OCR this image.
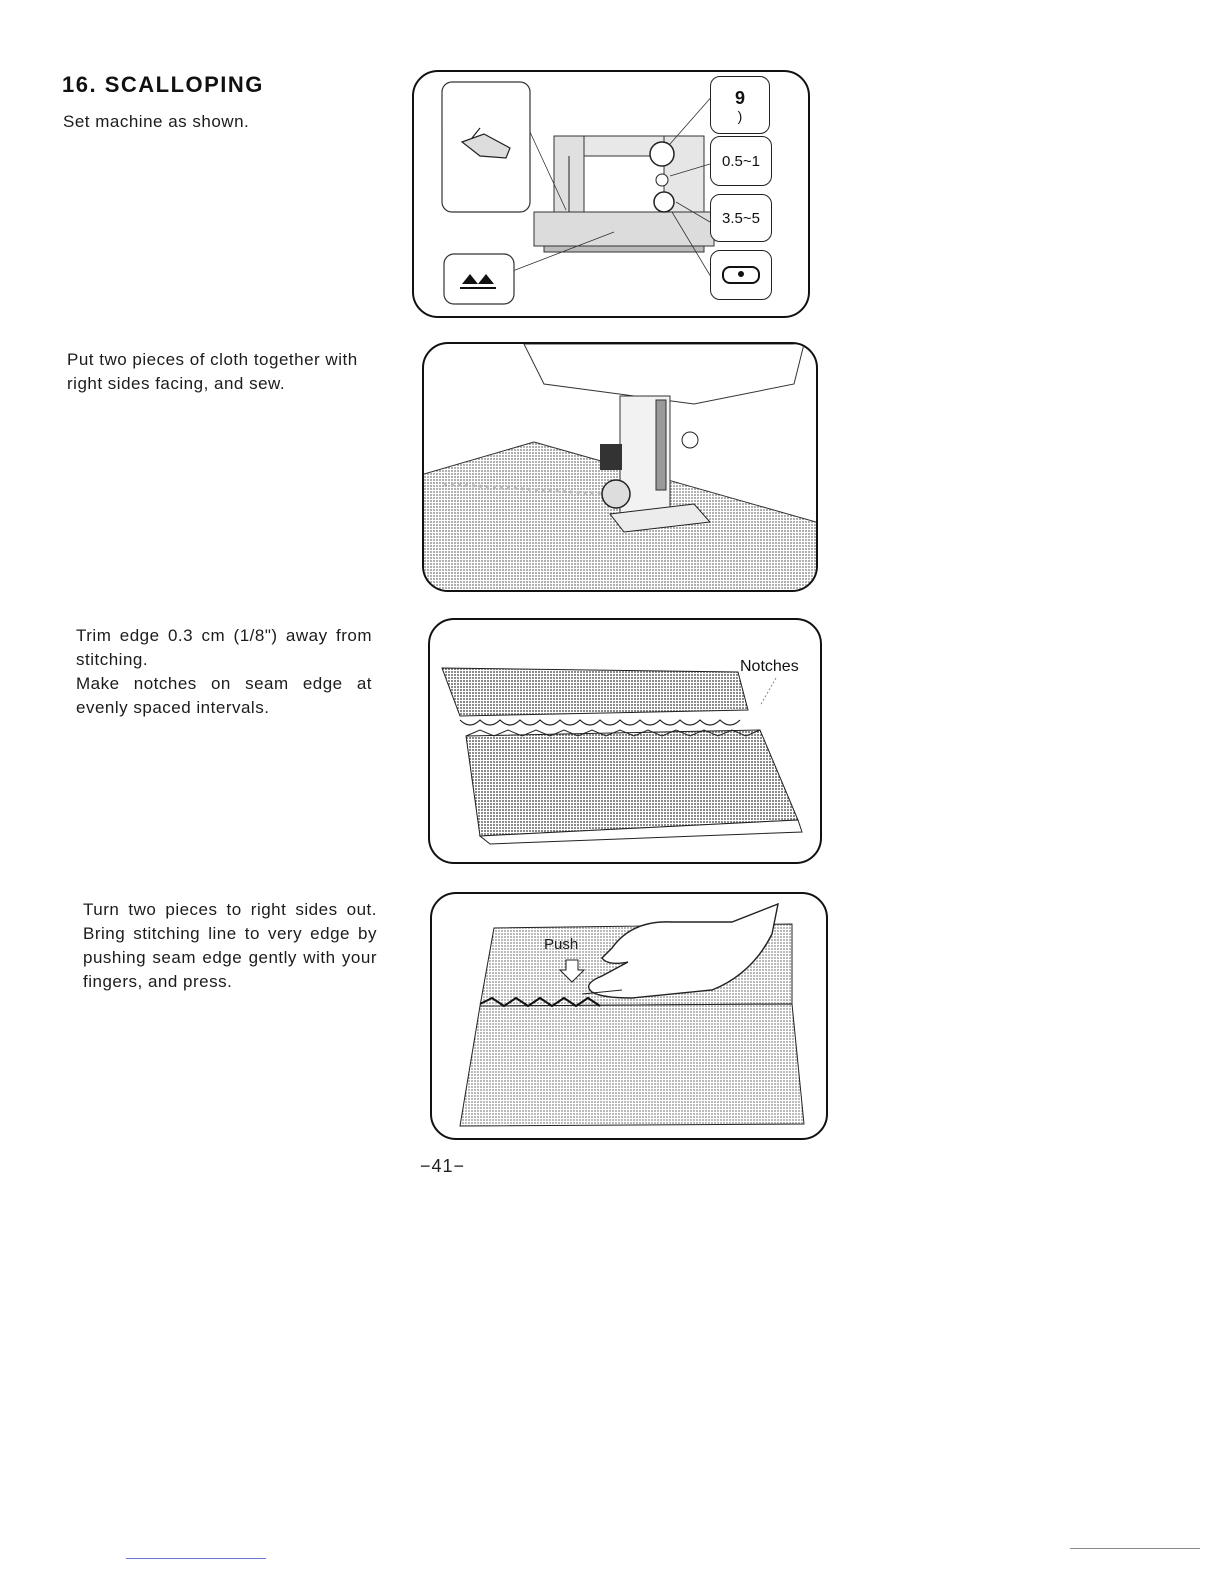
16. SCALLOPING

Set machine as shown.

Put two pieces of cloth together with right sides facing, and sew.

Trim edge 0.3 cm (1/8") away from stitching.

Make notches on seam edge at evenly spaced intervals.

Turn two pieces to right sides out. Bring stitching line to very edge by pushing seam edge gently with your fingers, and press.

9
)
0.5~1
3.5~5
Notches
Push
−41−
